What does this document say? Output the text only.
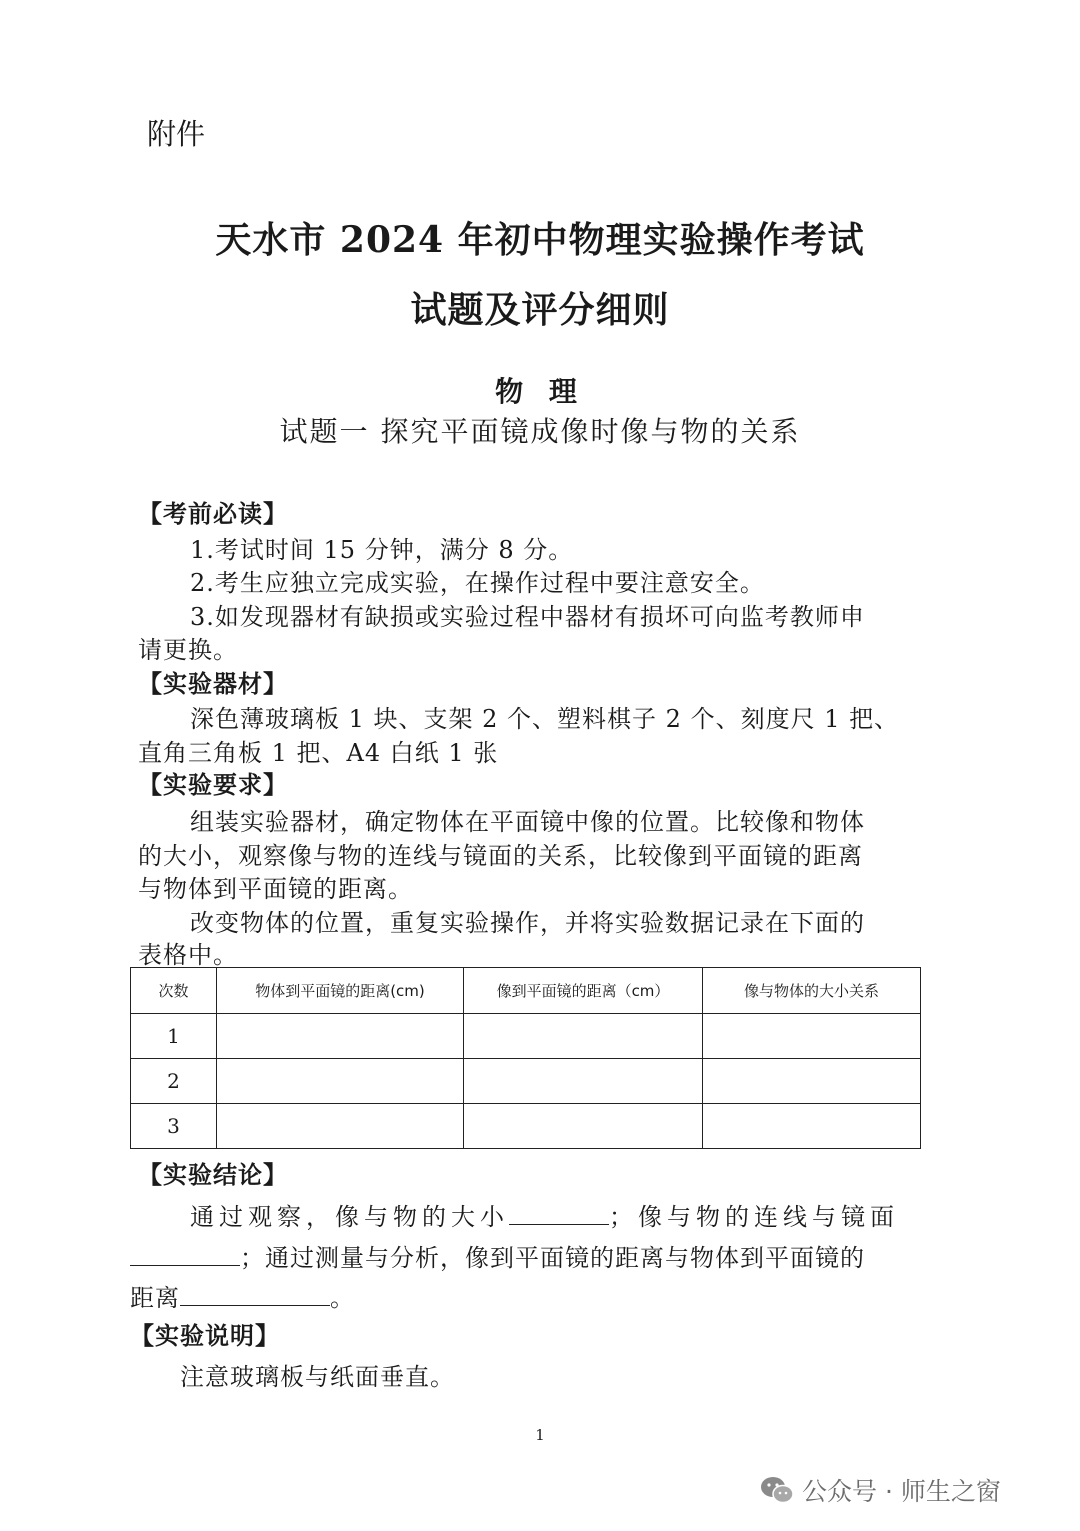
附件
天水市 2024 年初中物理实验操作考试
试题及评分细则
物 理
试题一 探究平面镜成像时像与物的关系
【考前必读】
1.考试时间 15 分钟，满分 8 分。
2.考生应独立完成实验，在操作过程中要注意安全。
3.如发现器材有缺损或实验过程中器材有损坏可向监考教师申
请更换。
【实验器材】
深色薄玻璃板 1 块、支架 2 个、塑料棋子 2 个、刻度尺 1 把、
直角三角板 1 把、A4 白纸 1 张
【实验要求】
组装实验器材，确定物体在平面镜中像的位置。比较像和物体
的大小，观察像与物的连线与镜面的关系，比较像到平面镜的距离
与物体到平面镜的距离。
改变物体的位置，重复实验操作，并将实验数据记录在下面的
表格中。
次数	物体到平面镜的距离(cm)	像到平面镜的距离（cm）	像与物体的大小关系
1			
2			
3			
【实验结论】
通过观察，像与物的大小	；像与物的连线与镜面
；通过测量与分析，像到平面镜的距离与物体到平面镜的
距离	。
【实验说明】
注意玻璃板与纸面垂直。
1
公众号 · 师生之窗
